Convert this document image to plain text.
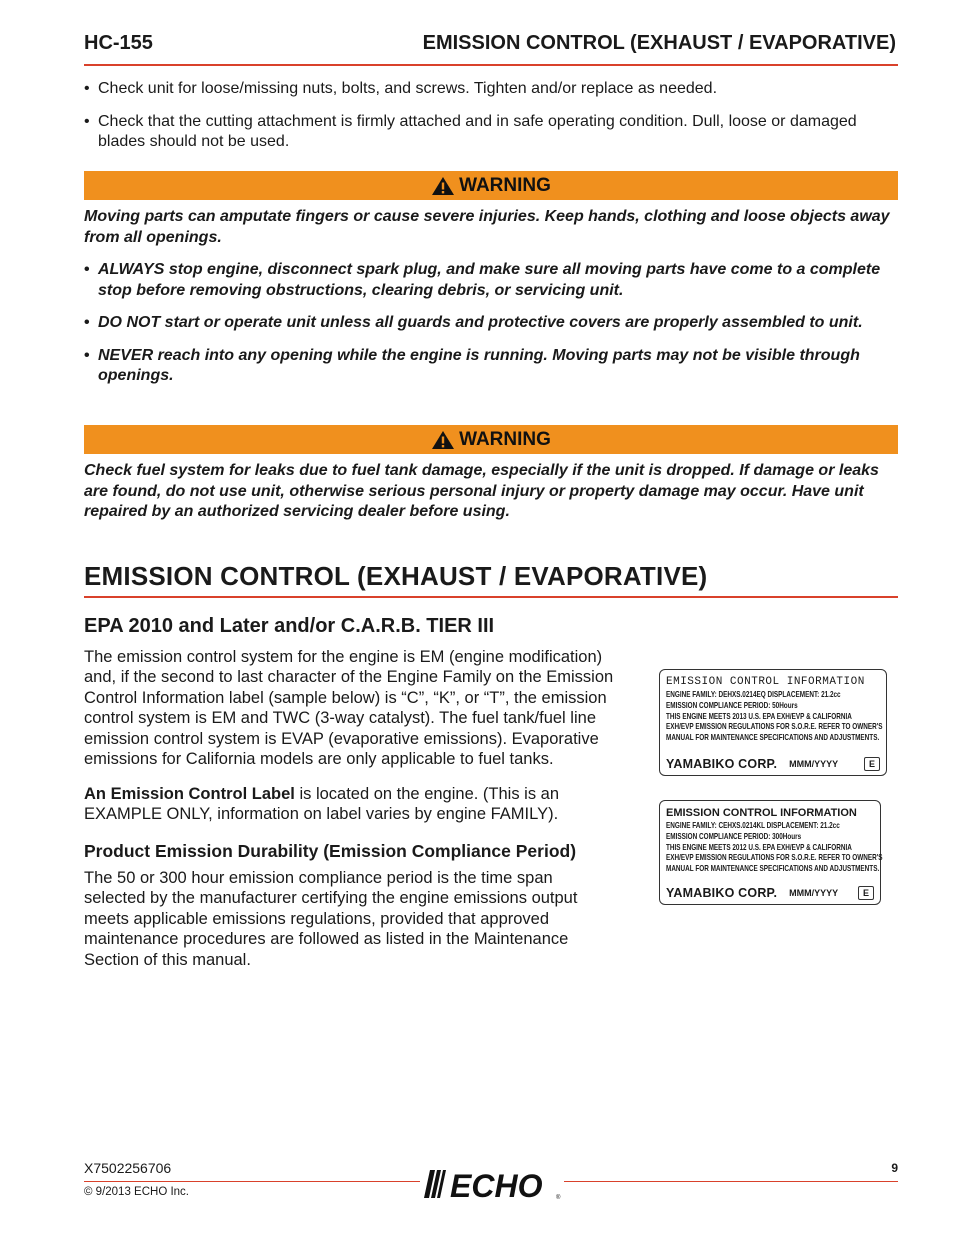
HC-155	EMISSION CONTROL (EXHAUST / EVAPORATIVE)
• Check unit for loose/missing nuts, bolts, and screws. Tighten and/or replace as needed.
• Check that the cutting attachment is firmly attached and in safe operating condition. Dull, loose or damaged blades should not be used.
WARNING
Moving parts can amputate fingers or cause severe injuries. Keep hands, clothing and loose objects away from all openings.
• ALWAYS stop engine, disconnect spark plug, and make sure all moving parts have come to a complete stop before removing obstructions, clearing debris, or servicing unit.
• DO NOT start or operate unit unless all guards and protective covers are properly assembled to unit.
• NEVER reach into any opening while the engine is running. Moving parts may not be visible through openings.
WARNING
Check fuel system for leaks due to fuel tank damage, especially if the unit is dropped. If damage or leaks are found, do not use unit, otherwise serious personal injury or property damage may occur. Have unit repaired by an authorized servicing dealer before using.
EMISSION CONTROL (EXHAUST / EVAPORATIVE)
EPA 2010 and Later and/or C.A.R.B. TIER III
The emission control system for the engine is EM (engine modification) and, if the second to last character of the Engine Family on the Emission Control Information label (sample below) is “C”, “K”, or “T”, the emission control system is EM and TWC (3-way catalyst). The fuel tank/fuel line emission control system is EVAP (evaporative emissions). Evaporative emissions for California models are only applicable to fuel tanks.
An Emission Control Label is located on the engine. (This is an EXAMPLE ONLY, information on label varies by engine FAMILY).
Product Emission Durability (Emission Compliance Period)
The 50 or 300 hour emission compliance period is the time span selected by the manufacturer certifying the engine emissions output meets applicable emissions regulations, provided that approved maintenance procedures are followed as listed in the Maintenance Section of this manual.
EMISSION CONTROL INFORMATION
ENGINE FAMILY: DEHXS.0214EQ DISPLACEMENT: 21.2cc
EMISSION COMPLIANCE PERIOD: 50Hours
THIS ENGINE MEETS 2013 U.S. EPA EXH/EVP & CALIFORNIA
EXH/EVP EMISSION REGULATIONS FOR S.O.R.E. REFER TO OWNER'S
MANUAL FOR MAINTENANCE SPECIFICATIONS AND ADJUSTMENTS.
YAMABIKO CORP. MMM/YYYY	E
EMISSION CONTROL INFORMATION
ENGINE FAMILY: CEHXS.0214KL DISPLACEMENT: 21.2cc
EMISSION COMPLIANCE PERIOD: 300Hours
THIS ENGINE MEETS 2012 U.S. EPA EXH/EVP & CALIFORNIA
EXH/EVP EMISSION REGULATIONS FOR S.O.R.E. REFER TO OWNER'S
MANUAL FOR MAINTENANCE SPECIFICATIONS AND ADJUSTMENTS.
YAMABIKO CORP. MMM/YYYY	E
X7502256706
© 9/2013 ECHO Inc.
9
ECHO ®
